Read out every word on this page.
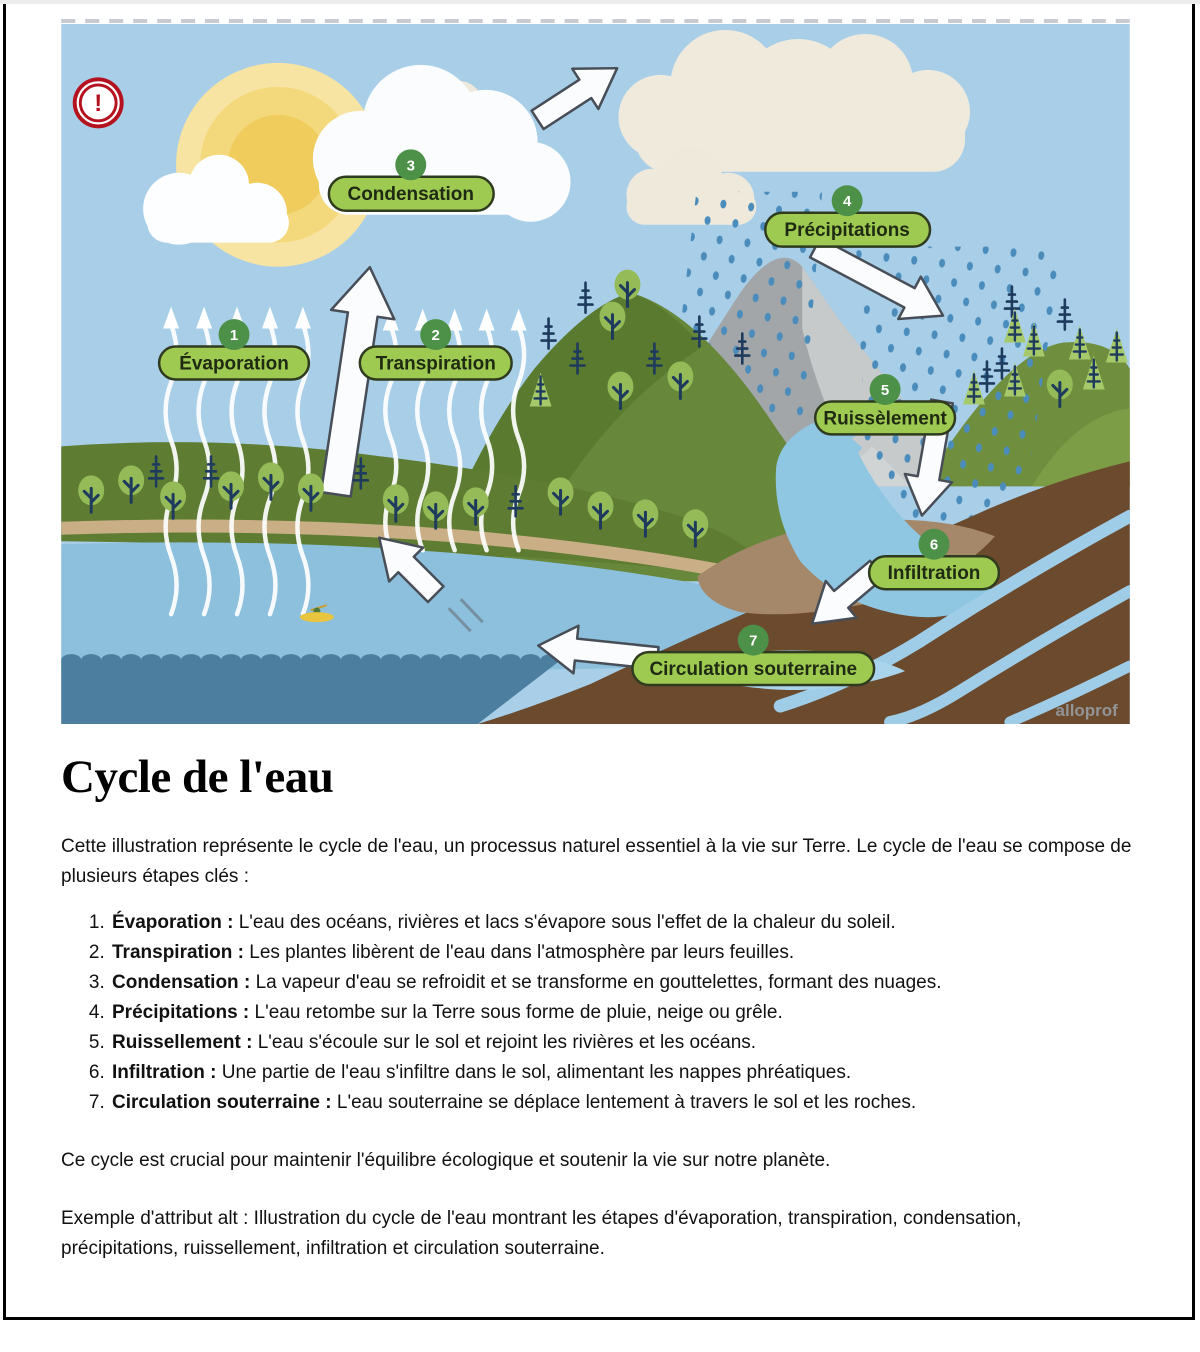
1
Évaporation
2
Transpiration
3
Condensation	4
Précipitations
5
Ruissèlement
6
Infiltration
7
Circulation souterraine
!
alloprof
Cycle de l'eau

Cette illustration représente le cycle de l'eau, un processus naturel essentiel à la vie sur Terre. Le cycle de l'eau se compose de plusieurs étapes clés :

1. Évaporation : L'eau des océans, rivières et lacs s'évapore sous l'effet de la chaleur du soleil.
2. Transpiration : Les plantes libèrent de l'eau dans l'atmosphère par leurs feuilles.
3. Condensation : La vapeur d'eau se refroidit et se transforme en gouttelettes, formant des nuages.
4. Précipitations : L'eau retombe sur la Terre sous forme de pluie, neige ou grêle.
5. Ruissellement : L'eau s'écoule sur le sol et rejoint les rivières et les océans.
6. Infiltration : Une partie de l'eau s'infiltre dans le sol, alimentant les nappes phréatiques.
7. Circulation souterraine : L'eau souterraine se déplace lentement à travers le sol et les roches.

Ce cycle est crucial pour maintenir l'équilibre écologique et soutenir la vie sur notre planète.

Exemple d'attribut alt : Illustration du cycle de l'eau montrant les étapes d'évaporation, transpiration, condensation, précipitations, ruissellement, infiltration et circulation souterraine.
